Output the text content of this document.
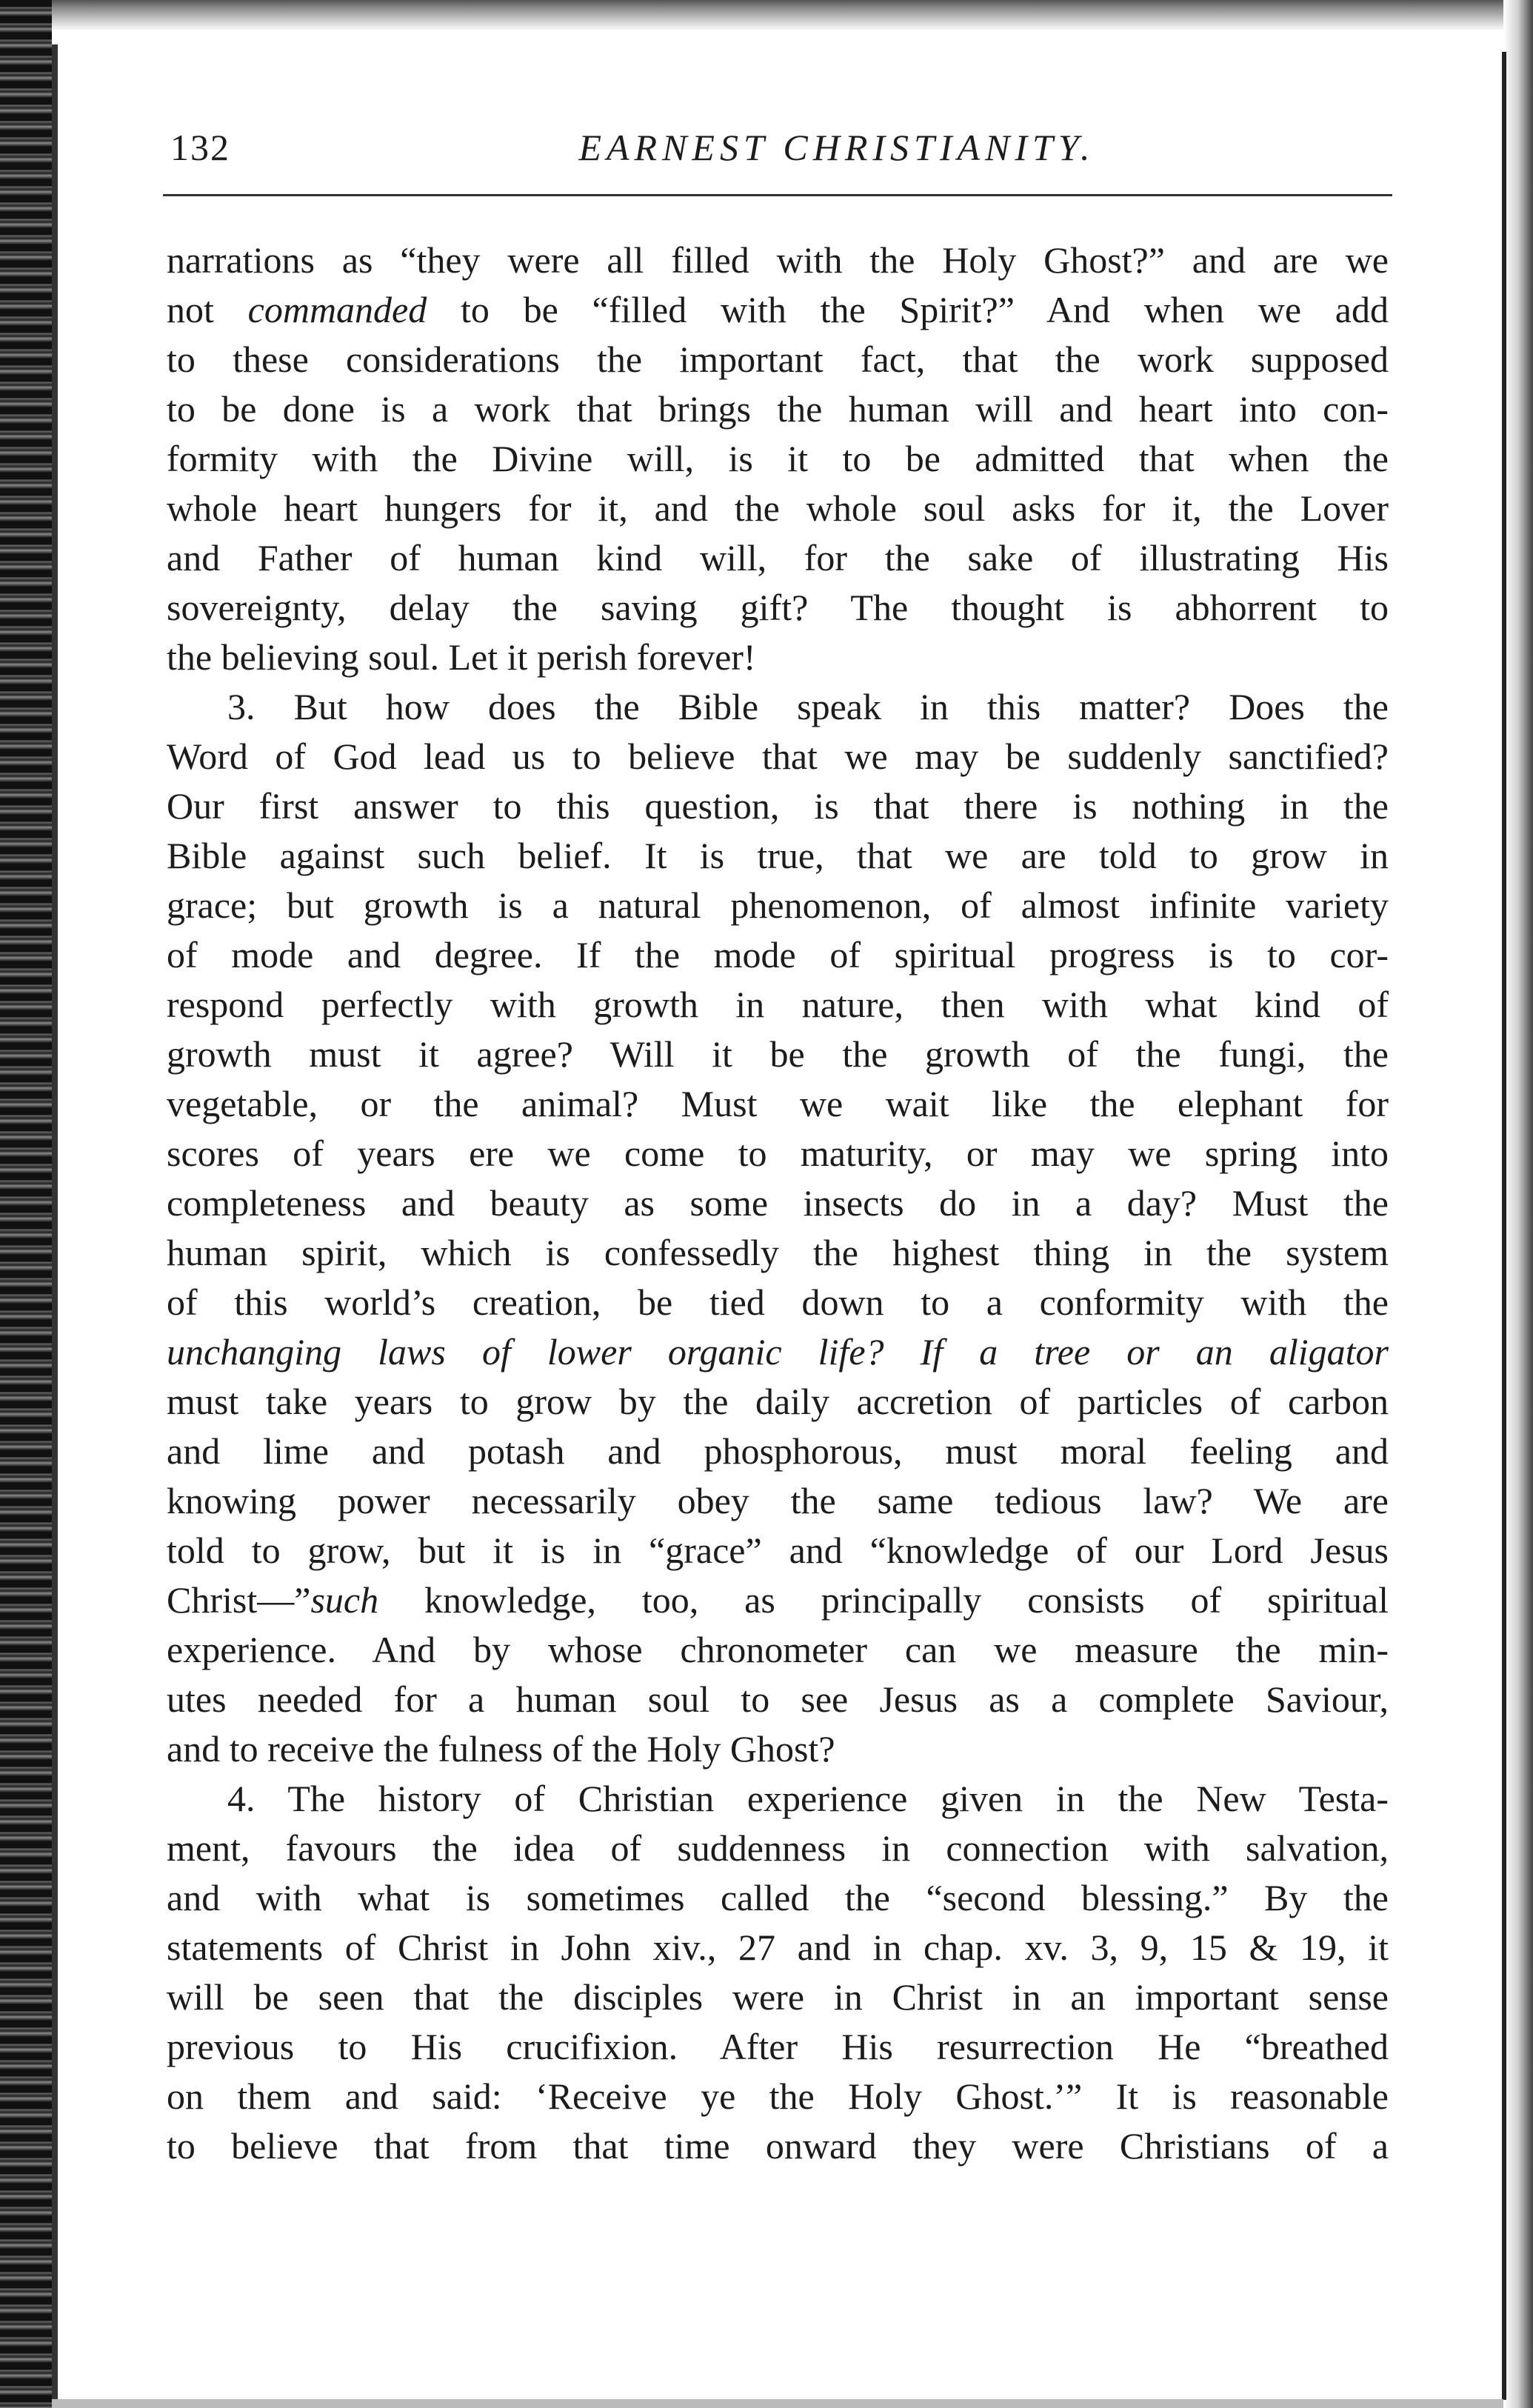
132	EARNEST CHRISTIANITY.
narrations as “they were all filled with the Holy Ghost?” and are we
not commanded to be “filled with the Spirit?” And when we add
to these considerations the important fact, that the work supposed
to be done is a work that brings the human will and heart into con-
formity with the Divine will, is it to be admitted that when the
whole heart hungers for it, and the whole soul asks for it, the Lover
and Father of human kind will, for the sake of illustrating His
sovereignty, delay the saving gift? The thought is abhorrent to
the believing soul. Let it perish forever!
3. But how does the Bible speak in this matter? Does the
Word of God lead us to believe that we may be suddenly sanctified?
Our first answer to this question, is that there is nothing in the
Bible against such belief. It is true, that we are told to grow in
grace; but growth is a natural phenomenon, of almost infinite variety
of mode and degree. If the mode of spiritual progress is to cor-
respond perfectly with growth in nature, then with what kind of
growth must it agree? Will it be the growth of the fungi, the
vegetable, or the animal? Must we wait like the elephant for
scores of years ere we come to maturity, or may we spring into
completeness and beauty as some insects do in a day? Must the
human spirit, which is confessedly the highest thing in the system
of this world’s creation, be tied down to a conformity with the
unchanging laws of lower organic life? If a tree or an aligator
must take years to grow by the daily accretion of particles of carbon
and lime and potash and phosphorous, must moral feeling and
knowing power necessarily obey the same tedious law? We are
told to grow, but it is in “grace” and “knowledge of our Lord Jesus
Christ—”such knowledge, too, as principally consists of spiritual
experience. And by whose chronometer can we measure the min-
utes needed for a human soul to see Jesus as a complete Saviour,
and to receive the fulness of the Holy Ghost?
4. The history of Christian experience given in the New Testa-
ment, favours the idea of suddenness in connection with salvation,
and with what is sometimes called the “second blessing.” By the
statements of Christ in John xiv., 27 and in chap. xv. 3, 9, 15 & 19, it
will be seen that the disciples were in Christ in an important sense
previous to His crucifixion. After His resurrection He “breathed
on them and said: ‘Receive ye the Holy Ghost.’” It is reasonable
to believe that from that time onward they were Christians of a
